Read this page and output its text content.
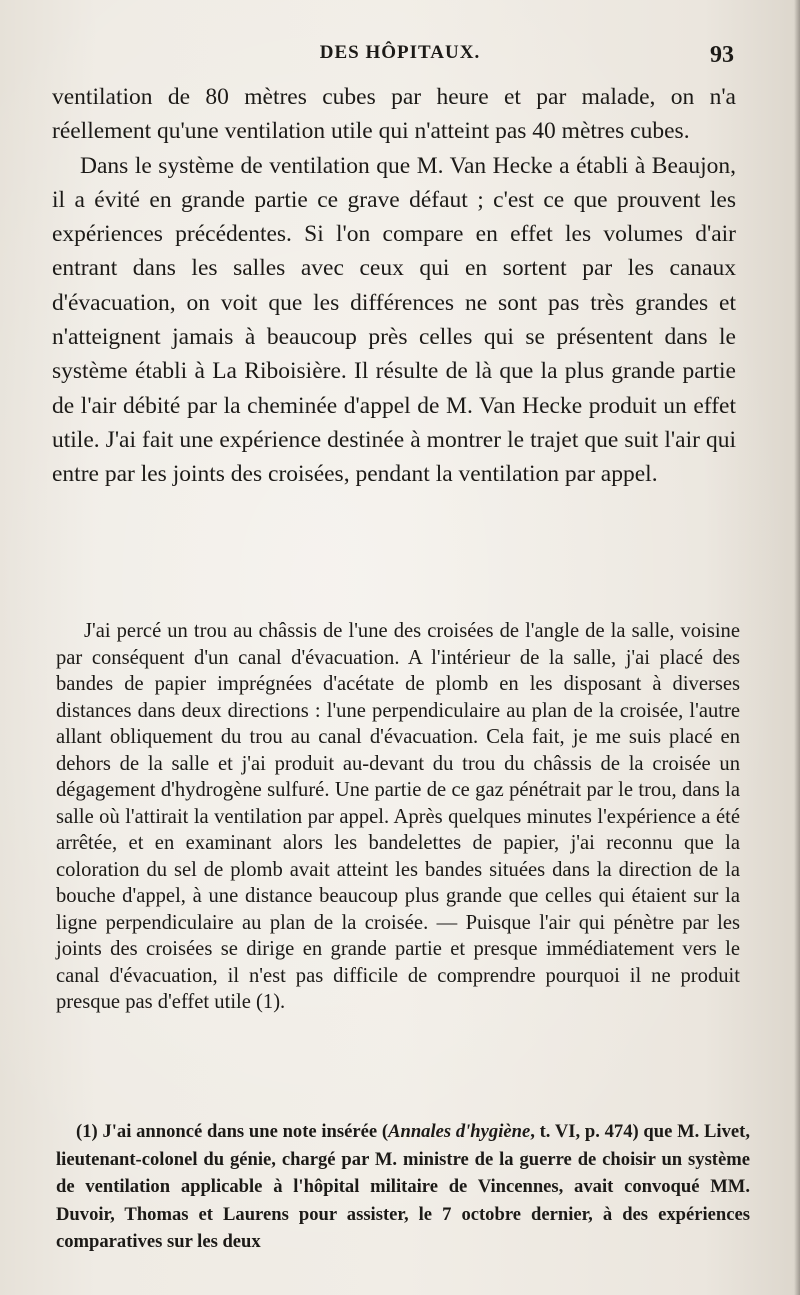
DES HÔPITAUX.	93

ventilation de 80 mètres cubes par heure et par malade, on n'a réellement qu'une ventilation utile qui n'atteint pas 40 mètres cubes.

Dans le système de ventilation que M. Van Hecke a établi à Beaujon, il a évité en grande partie ce grave défaut ; c'est ce que prouvent les expériences précédentes. Si l'on compare en effet les volumes d'air entrant dans les salles avec ceux qui en sortent par les canaux d'évacuation, on voit que les différences ne sont pas très grandes et n'atteignent jamais à beaucoup près celles qui se présentent dans le système établi à La Riboisière. Il résulte de là que la plus grande partie de l'air débité par la cheminée d'appel de M. Van Hecke produit un effet utile. J'ai fait une expérience destinée à montrer le trajet que suit l'air qui entre par les joints des croisées, pendant la ventilation par appel.

J'ai percé un trou au châssis de l'une des croisées de l'angle de la salle, voisine par conséquent d'un canal d'évacuation. A l'intérieur de la salle, j'ai placé des bandes de papier imprégnées d'acétate de plomb en les disposant à diverses distances dans deux directions : l'une perpendiculaire au plan de la croisée, l'autre allant obliquement du trou au canal d'évacuation. Cela fait, je me suis placé en dehors de la salle et j'ai produit au-devant du trou du châssis de la croisée un dégagement d'hydrogène sulfuré. Une partie de ce gaz pénétrait par le trou, dans la salle où l'attirait la ventilation par appel. Après quelques minutes l'expérience a été arrêtée, et en examinant alors les bandelettes de papier, j'ai reconnu que la coloration du sel de plomb avait atteint les bandes situées dans la direction de la bouche d'appel, à une distance beaucoup plus grande que celles qui étaient sur la ligne perpendiculaire au plan de la croisée. — Puisque l'air qui pénètre par les joints des croisées se dirige en grande partie et presque immédiatement vers le canal d'évacuation, il n'est pas difficile de comprendre pourquoi il ne produit presque pas d'effet utile (1).

(1) J'ai annoncé dans une note insérée (Annales d'hygiène, t. VI, p. 474) que M. Livet, lieutenant-colonel du génie, chargé par M. ministre de la guerre de choisir un système de ventilation applicable à l'hôpital militaire de Vincennes, avait convoqué MM. Duvoir, Thomas et Laurens pour assister, le 7 octobre dernier, à des expériences comparatives sur les deux
